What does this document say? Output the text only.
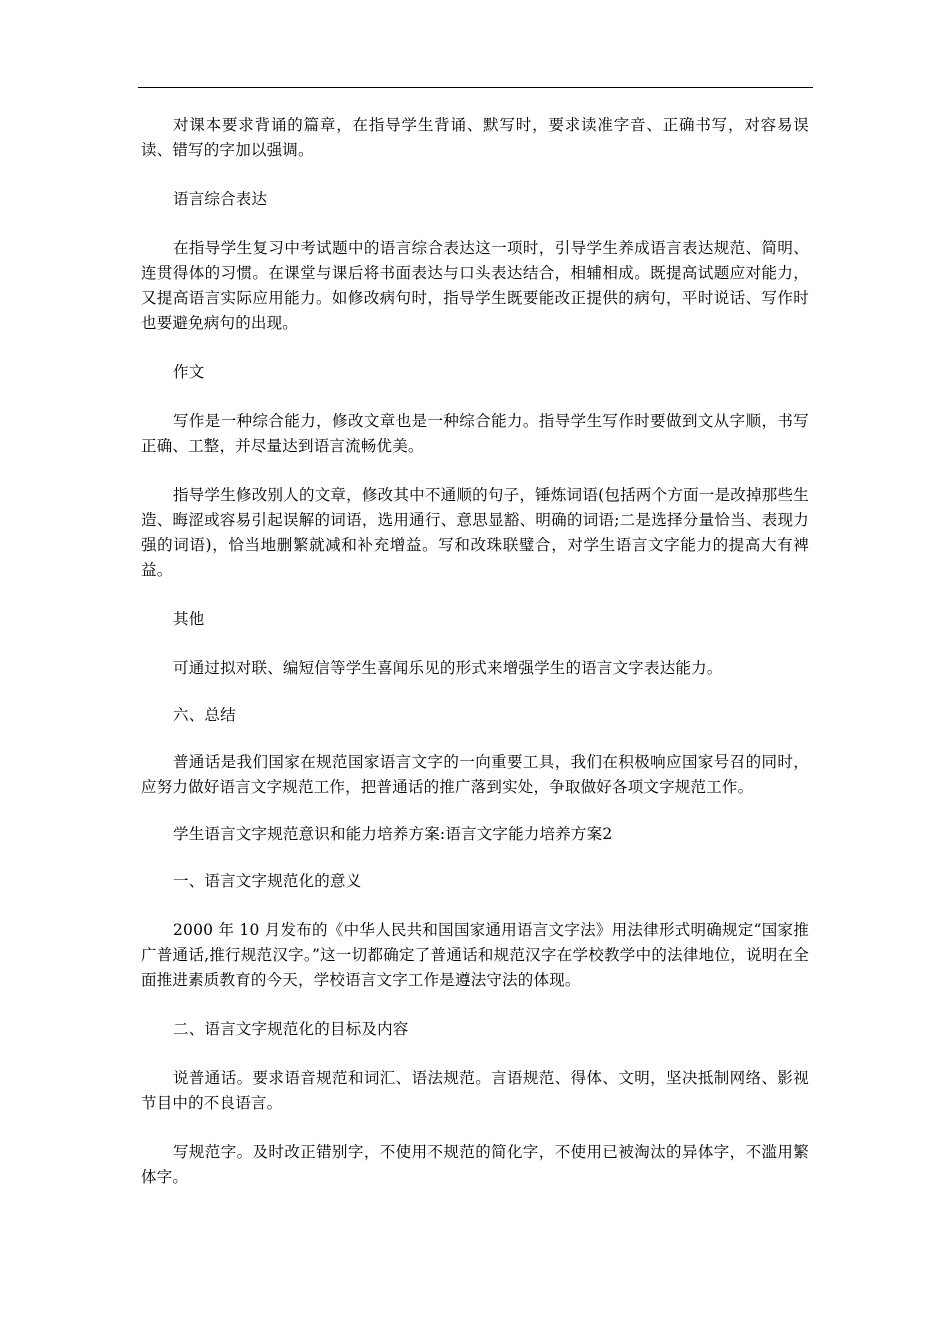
对课本要求背诵的篇章，在指导学生背诵、默写时，要求读准字音、正确书写，对容易误读、错写的字加以强调。

语言综合表达

在指导学生复习中考试题中的语言综合表达这一项时，引导学生养成语言表达规范、简明、连贯得体的习惯。在课堂与课后将书面表达与口头表达结合，相辅相成。既提高试题应对能力，又提高语言实际应用能力。如修改病句时，指导学生既要能改正提供的病句，平时说话、写作时也要避免病句的出现。

作文

写作是一种综合能力，修改文章也是一种综合能力。指导学生写作时要做到文从字顺，书写正确、工整，并尽量达到语言流畅优美。

指导学生修改别人的文章，修改其中不通顺的句子，锤炼词语(包括两个方面一是改掉那些生造、晦涩或容易引起误解的词语，选用通行、意思显豁、明确的词语;二是选择分量恰当、表现力强的词语)，恰当地删繁就减和补充增益。写和改珠联璧合，对学生语言文字能力的提高大有裨益。

其他

可通过拟对联、编短信等学生喜闻乐见的形式来增强学生的语言文字表达能力。

六、总结

普通话是我们国家在规范国家语言文字的一向重要工具，我们在积极响应国家号召的同时，应努力做好语言文字规范工作，把普通话的推广落到实处，争取做好各项文字规范工作。

学生语言文字规范意识和能力培养方案:语言文字能力培养方案2

一、语言文字规范化的意义

2000 年 10 月发布的《中华人民共和国国家通用语言文字法》用法律形式明确规定“国家推广普通话,推行规范汉字。”这一切都确定了普通话和规范汉字在学校教学中的法律地位，说明在全面推进素质教育的今天，学校语言文字工作是遵法守法的体现。

二、语言文字规范化的目标及内容

说普通话。要求语音规范和词汇、语法规范。言语规范、得体、文明，坚决抵制网络、影视节目中的不良语言。

写规范字。及时改正错别字，不使用不规范的简化字，不使用已被淘汰的异体字，不滥用繁体字。
